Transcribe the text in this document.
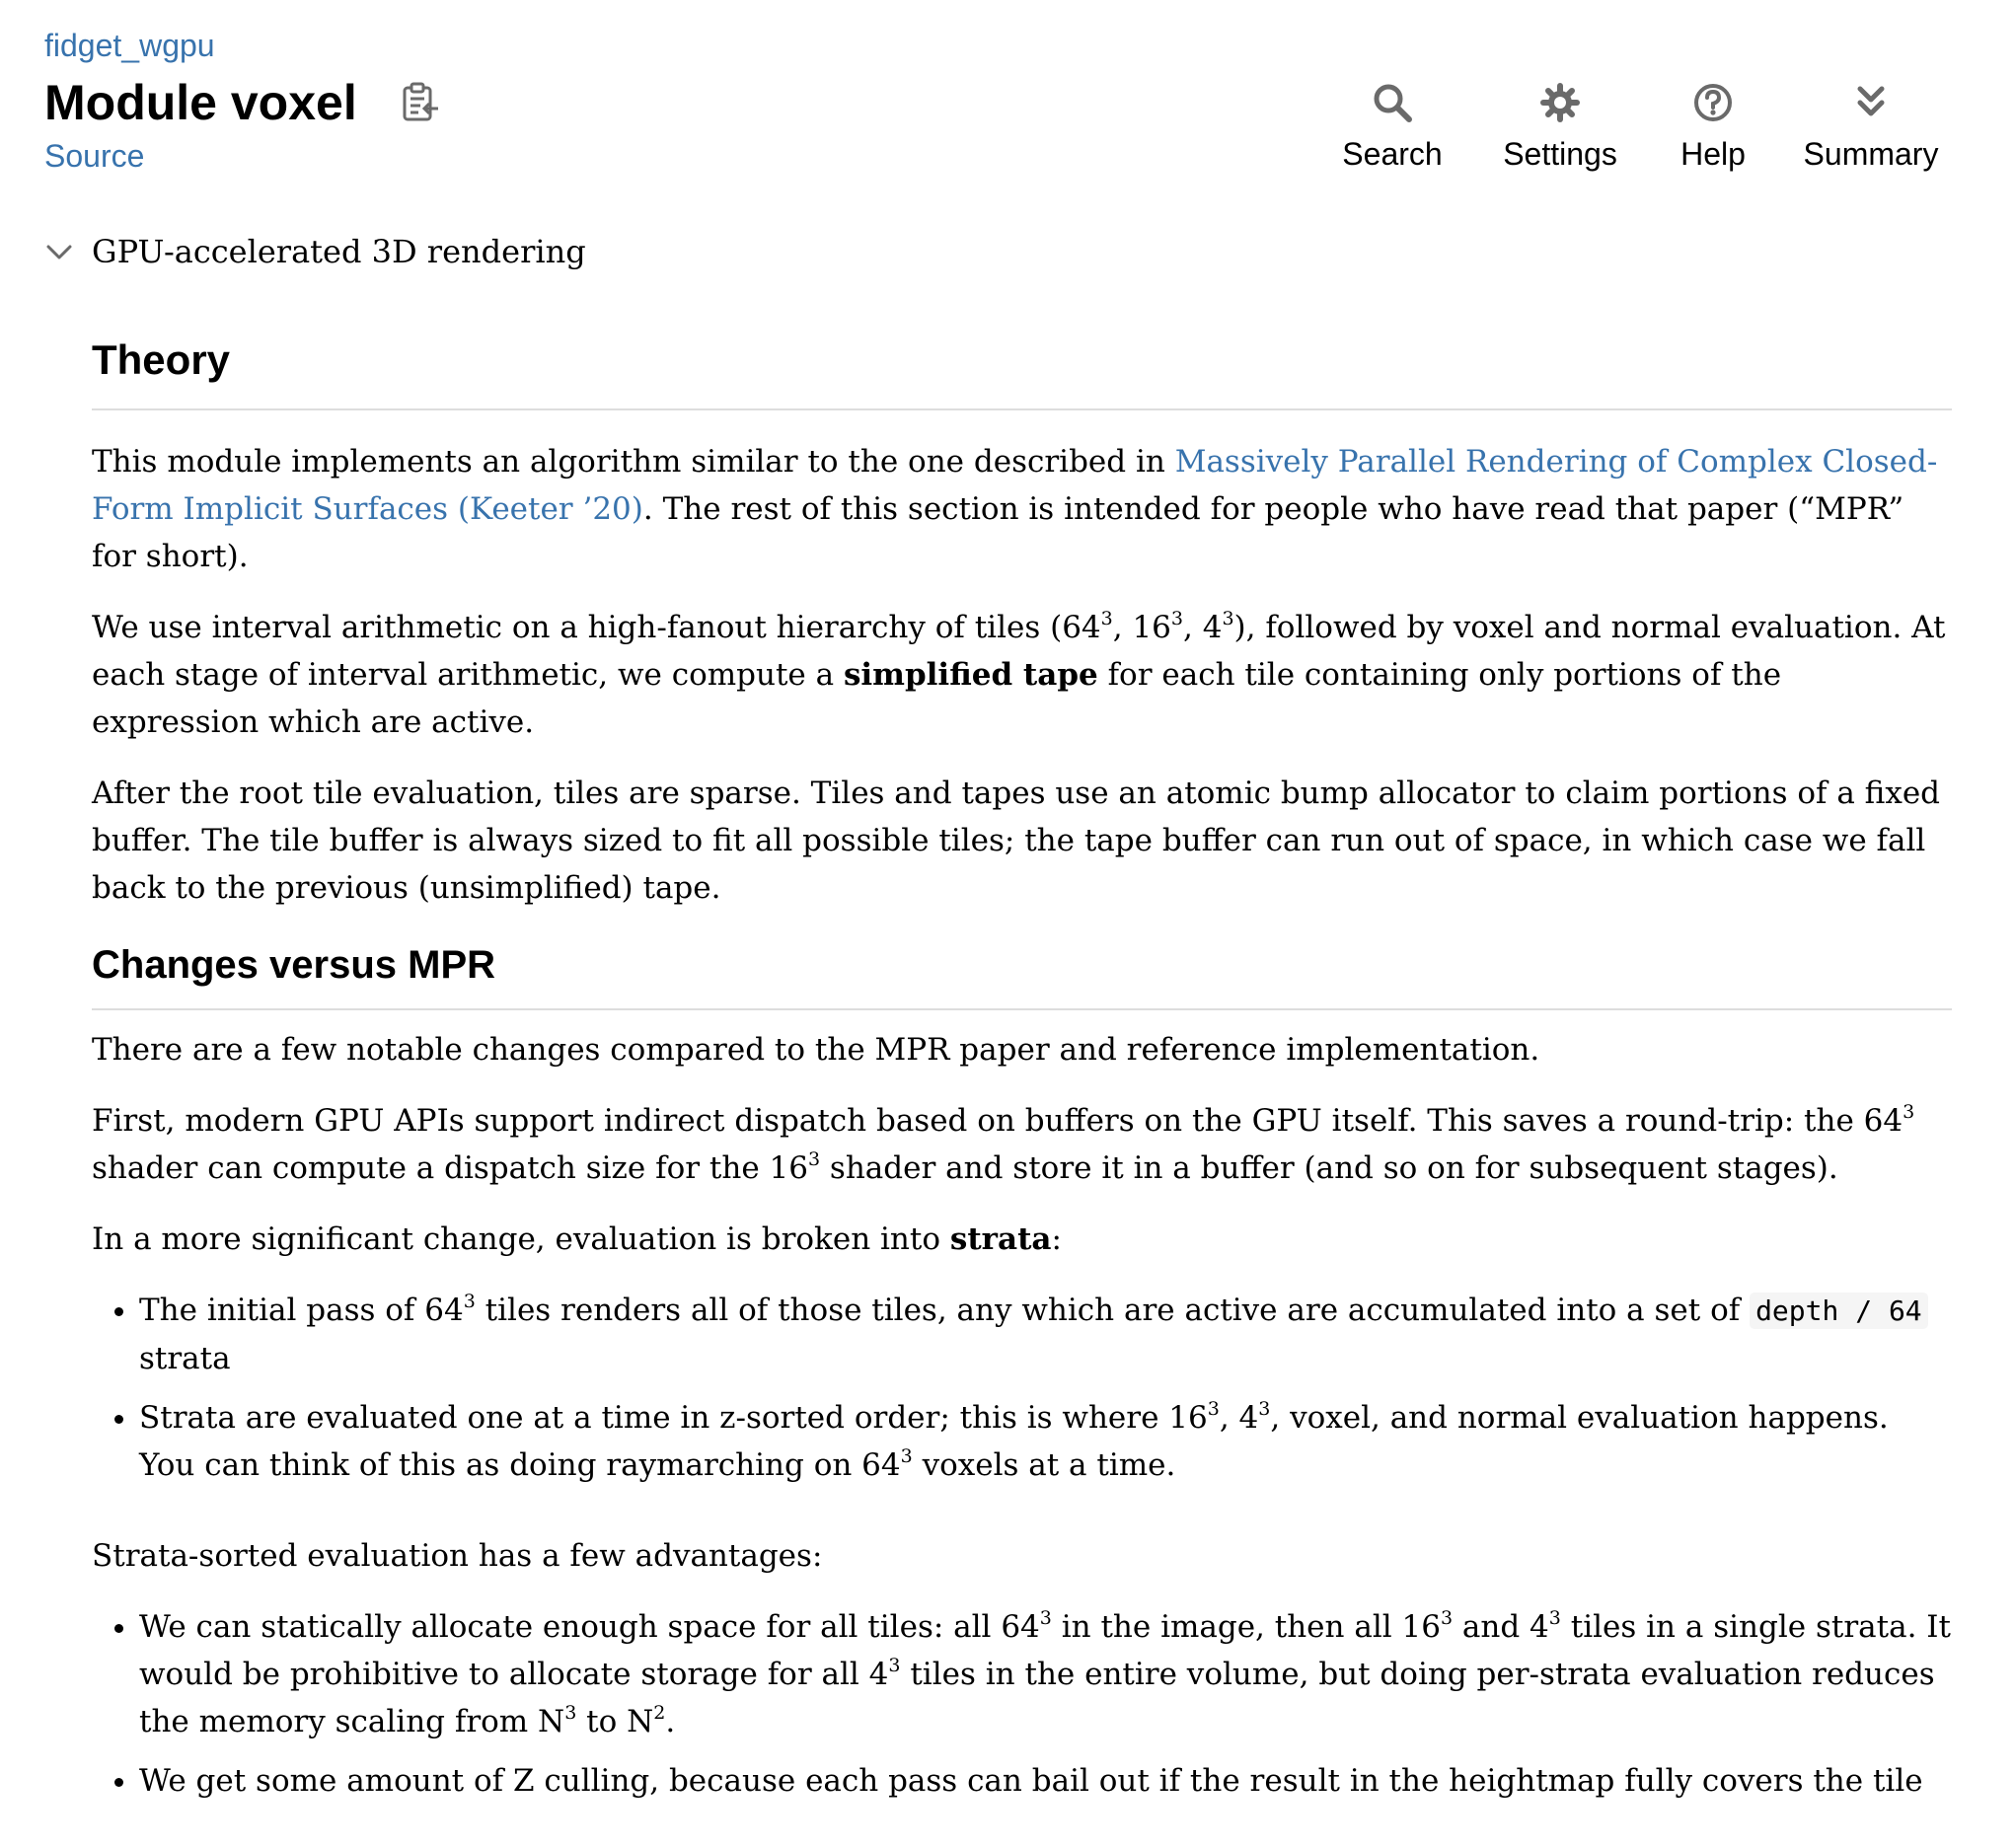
fidget_wgpu
Module voxel
Source	Search Settings Help Summary
GPU-accelerated 3D rendering
Theory

This module implements an algorithm similar to the one described in Massively Parallel Rendering of Complex Closed-Form Implicit Surfaces (Keeter ’20). The rest of this section is intended for people who have read that paper (“MPR” for short).

We use interval arithmetic on a high-fanout hierarchy of tiles ($64^3$, $16^3$, $4^3$), followed by voxel and normal evaluation. At each stage of interval arithmetic, we compute a simplified tape for each tile containing only portions of the expression which are active.

After the root tile evaluation, tiles are sparse. Tiles and tapes use an atomic bump allocator to claim portions of a fixed buffer. The tile buffer is always sized to fit all possible tiles; the tape buffer can run out of space, in which case we fall back to the previous (unsimplified) tape.

Changes versus MPR

There are a few notable changes compared to the MPR paper and reference implementation.

First, modern GPU APIs support indirect dispatch based on buffers on the GPU itself. This saves a round-trip: the $64^3$ shader can compute a dispatch size for the $16^3$ shader and store it in a buffer (and so on for subsequent stages).

In a more significant change, evaluation is broken into strata:

• The initial pass of $64^3$ tiles renders all of those tiles, any which are active are accumulated into a set of depth / 64 strata
• Strata are evaluated one at a time in z-sorted order; this is where $16^3$, $4^3$, voxel, and normal evaluation happens. You can think of this as doing raymarching on $64^3$ voxels at a time.

Strata-sorted evaluation has a few advantages:

• We can statically allocate enough space for all tiles: all $64^3$ in the image, then all $16^3$ and $4^3$ tiles in a single strata. It would be prohibitive to allocate storage for all $4^3$ tiles in the entire volume, but doing per-strata evaluation reduces the memory scaling from $N^3$ to $N^2$.
• We get some amount of Z culling, because each pass can bail out if the result in the heightmap fully covers the tile
